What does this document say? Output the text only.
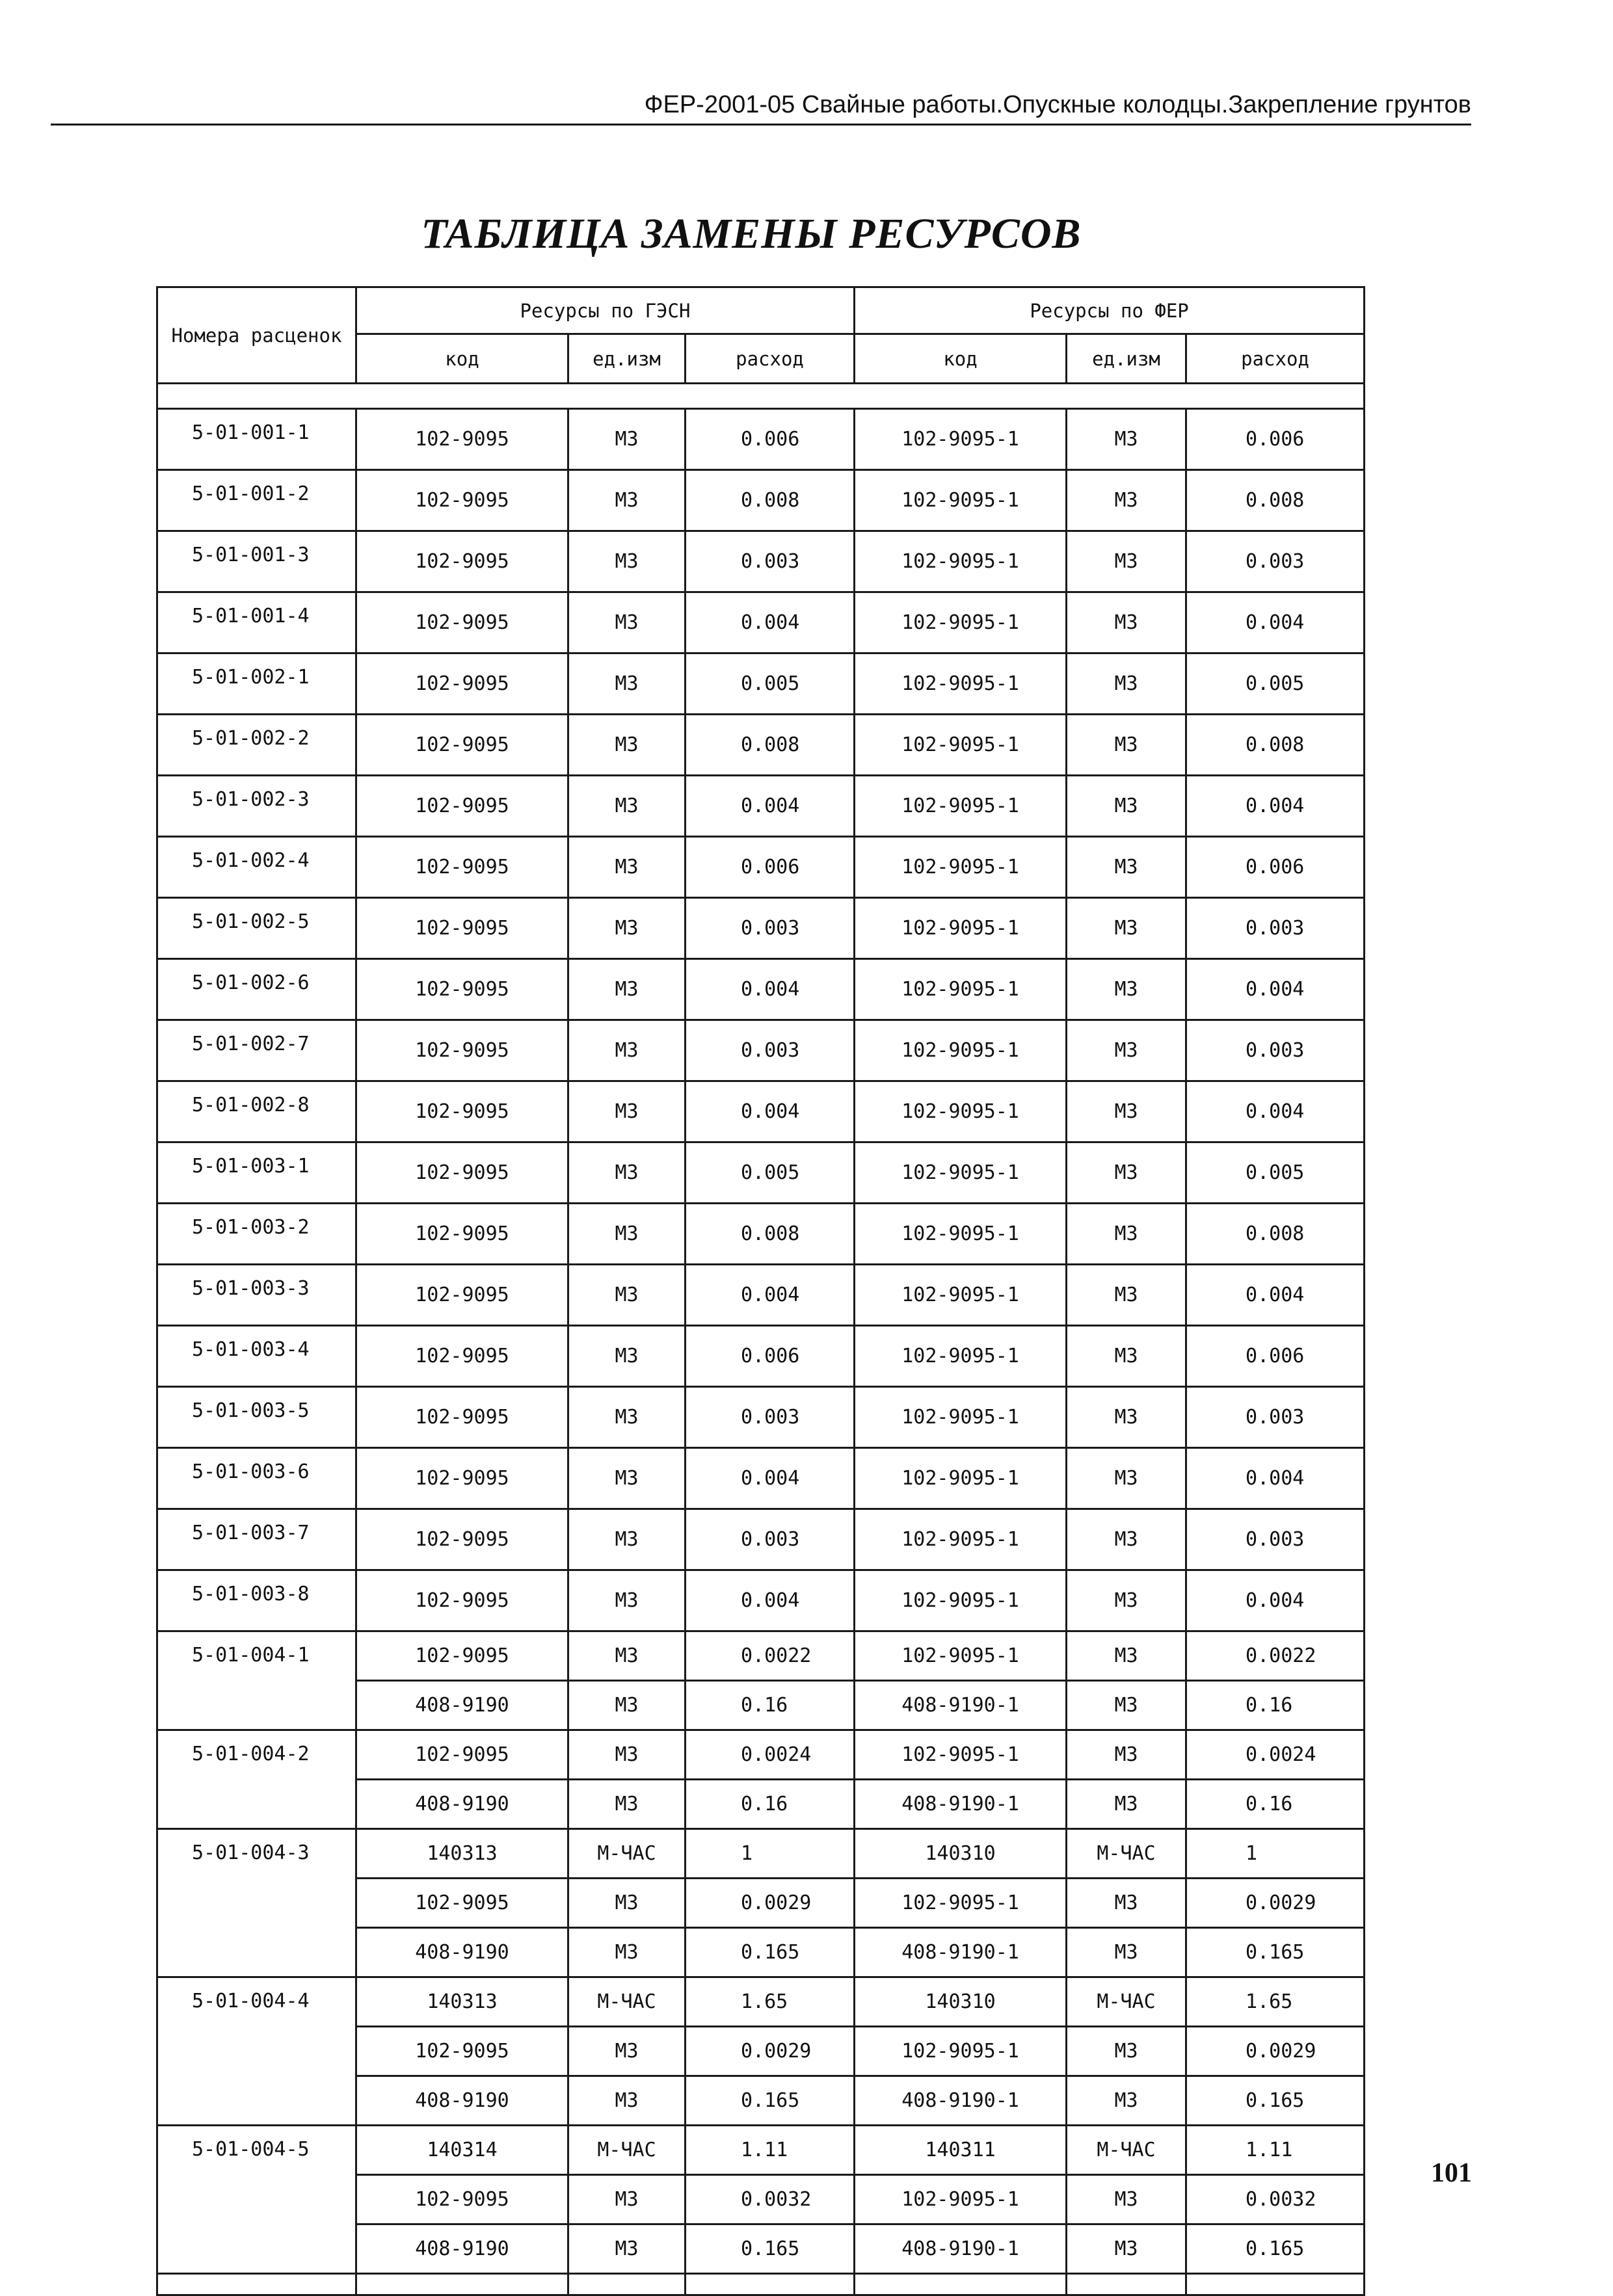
ФЕР-2001-05 Свайные работы.Опускные колодцы.Закрепление грунтов
ТАБЛИЦА ЗАМЕНЫ РЕСУРСОВ
Номера расценок	Ресурсы по ГЭСН			Ресурсы по ФЕР		
	код	ед.изм	расход	код	ед.изм	расход

5-01-001-1	102-9095	М3	0.006	102-9095-1	М3	0.006
5-01-001-2	102-9095	М3	0.008	102-9095-1	М3	0.008
5-01-001-3	102-9095	М3	0.003	102-9095-1	М3	0.003
5-01-001-4	102-9095	М3	0.004	102-9095-1	М3	0.004
5-01-002-1	102-9095	М3	0.005	102-9095-1	М3	0.005
5-01-002-2	102-9095	М3	0.008	102-9095-1	М3	0.008
5-01-002-3	102-9095	М3	0.004	102-9095-1	М3	0.004
5-01-002-4	102-9095	М3	0.006	102-9095-1	М3	0.006
5-01-002-5	102-9095	М3	0.003	102-9095-1	М3	0.003
5-01-002-6	102-9095	М3	0.004	102-9095-1	М3	0.004
5-01-002-7	102-9095	М3	0.003	102-9095-1	М3	0.003
5-01-002-8	102-9095	М3	0.004	102-9095-1	М3	0.004
5-01-003-1	102-9095	М3	0.005	102-9095-1	М3	0.005
5-01-003-2	102-9095	М3	0.008	102-9095-1	М3	0.008
5-01-003-3	102-9095	М3	0.004	102-9095-1	М3	0.004
5-01-003-4	102-9095	М3	0.006	102-9095-1	М3	0.006
5-01-003-5	102-9095	М3	0.003	102-9095-1	М3	0.003
5-01-003-6	102-9095	М3	0.004	102-9095-1	М3	0.004
5-01-003-7	102-9095	М3	0.003	102-9095-1	М3	0.003
5-01-003-8	102-9095	М3	0.004	102-9095-1	М3	0.004
5-01-004-1	102-9095	М3	0.0022	102-9095-1	М3	0.0022
	408-9190	М3	0.16	408-9190-1	М3	0.16
5-01-004-2	102-9095	М3	0.0024	102-9095-1	М3	0.0024
	408-9190	М3	0.16	408-9190-1	М3	0.16
5-01-004-3	140313	М-ЧАС	1	140310	М-ЧАС	1
	102-9095	М3	0.0029	102-9095-1	М3	0.0029
	408-9190	М3	0.165	408-9190-1	М3	0.165
5-01-004-4	140313	М-ЧАС	1.65	140310	М-ЧАС	1.65
	102-9095	М3	0.0029	102-9095-1	М3	0.0029
	408-9190	М3	0.165	408-9190-1	М3	0.165
5-01-004-5	140314	М-ЧАС	1.11	140311	М-ЧАС	1.11
	102-9095	М3	0.0032	102-9095-1	М3	0.0032
	408-9190	М3	0.165	408-9190-1	М3	0.165

101
